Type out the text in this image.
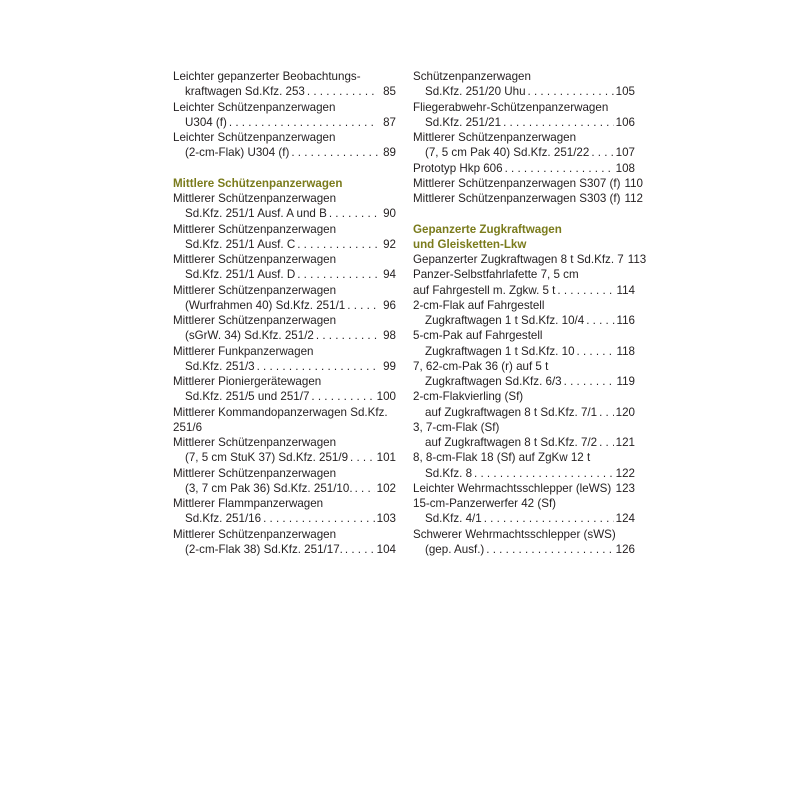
Leichter gepanzerter Beobachtungs-
kraftwagen Sd.Kfz. 253 . . .	85
Leichter Schützenpanzerwagen
U304 (f) . . .	87
Leichter Schützenpanzerwagen
(2-cm-Flak) U304 (f) . . .	89
Mittlere Schützenpanzerwagen
Mittlerer Schützenpanzerwagen
Sd.Kfz. 251/1 Ausf. A und B . . .	90
Mittlerer Schützenpanzerwagen
Sd.Kfz. 251/1 Ausf. C . . .	92
Mittlerer Schützenpanzerwagen
Sd.Kfz. 251/1 Ausf. D . . .	94
Mittlerer Schützenpanzerwagen
(Wurfrahmen 40) Sd.Kfz. 251/1 . . .	96
Mittlerer Schützenpanzerwagen
(sGrW. 34) Sd.Kfz. 251/2 . . .	98
Mittlerer Funkpanzerwagen
Sd.Kfz. 251/3 . . .	99
Mittlerer Pioniergerätewagen
Sd.Kfz. 251/5 und 251/7 . . .	100
Mittlerer Kommandopanzerwagen Sd.Kfz.
251/6
Mittlerer Schützenpanzerwagen
(7, 5 cm StuK 37) Sd.Kfz. 251/9 . . . 101
Mittlerer Schützenpanzerwagen
(3, 7 cm Pak 36) Sd.Kfz. 251/10. . . . 102
Mittlerer Flammpanzerwagen
Sd.Kfz. 251/16 . . .	103
Mittlerer Schützenpanzerwagen
(2-cm-Flak 38) Sd.Kfz. 251/17. . . .	104
Schützenpanzerwagen
Sd.Kfz. 251/20 Uhu . . .	105
Fliegerabwehr-Schützenpanzerwagen
Sd.Kfz. 251/21 . . .	106
Mittlerer Schützenpanzerwagen
(7, 5 cm Pak 40) Sd.Kfz. 251/22 . . . 107
Prototyp Hkp 606 . . .	108
Mittlerer Schützenpanzerwagen S307 (f) 110
Mittlerer Schützenpanzerwagen S303 (f) 112
Gepanzerte Zugkraftwagen
und Gleisketten-Lkw
Gepanzerter Zugkraftwagen 8 t Sd.Kfz. 7 113
Panzer-Selbstfahrlafette 7, 5 cm
auf Fahrgestell m. Zgkw. 5 t . . .	114
2-cm-Flak auf Fahrgestell
Zugkraftwagen 1 t Sd.Kfz. 10/4 . . .	116
5-cm-Pak auf Fahrgestell
Zugkraftwagen 1 t Sd.Kfz. 10 . . .	118
7, 62-cm-Pak 36 (r) auf 5 t
Zugkraftwagen Sd.Kfz. 6/3 . . .	119
2-cm-Flakvierling (Sf)
auf Zugkraftwagen 8 t Sd.Kfz. 7/1 . . . 120
3, 7-cm-Flak (Sf)
auf Zugkraftwagen 8 t Sd.Kfz. 7/2 . . . 121
8, 8-cm-Flak 18 (Sf) auf ZgKw 12 t
Sd.Kfz. 8 . . .	122
Leichter Wehrmachtsschlepper (leWS) . . . 123
15-cm-Panzerwerfer 42 (Sf)
Sd.Kfz. 4/1 . . .	124
Schwerer Wehrmachtsschlepper (sWS)
(gep. Ausf.) . . .	126
